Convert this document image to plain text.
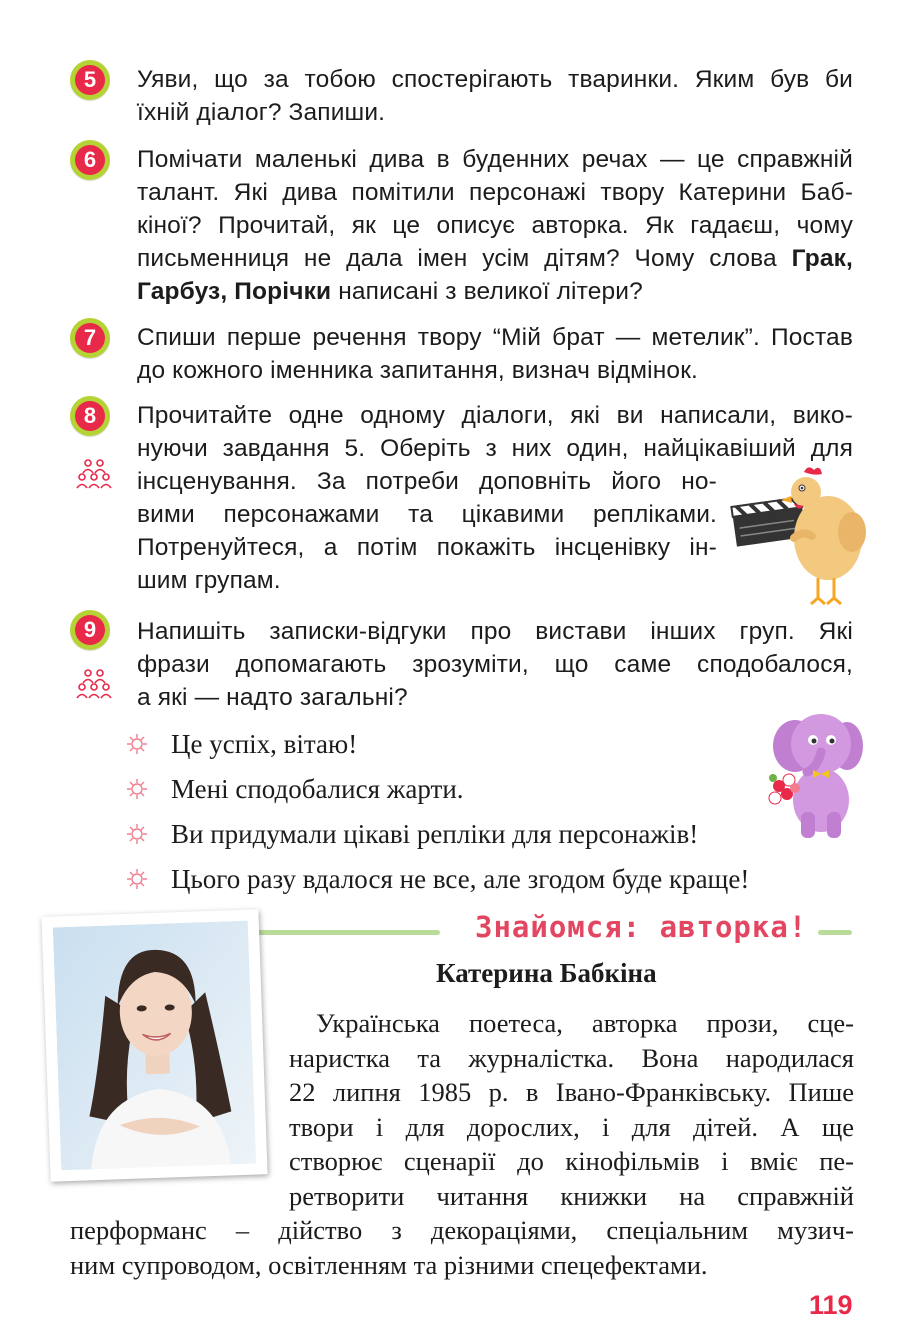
5	Уяви, що за тобою спостерігають тваринки. Яким був би
їхній діалог? Запиши.
6	Помічати маленькі дива в буденних речах — це справжній
талант. Які дива помітили персонажі твору Катерини Баб-
кіної? Прочитай, як це описує авторка. Як гадаєш, чому
письменниця не дала імен усім дітям? Чому слова Грак,
Гарбуз, Порічки написані з великої літери?
7	Спиши перше речення твору “Мій брат — метелик”. Постав
до кожного іменника запитання, визнач відмінок.
8	Прочитайте одне одному діалоги, які ви написали, вико-
нуючи завдання 5. Оберіть з них один, найцікавіший для
інсценування. За потреби доповніть його но-
вими персонажами та цікавими репліками.
Потренуйтеся, а потім покажіть інсценівку ін-
шим групам.
9	Напишіть записки-відгуки про вистави інших груп. Які
фрази допомагають зрозуміти, що саме сподобалося,
а які — надто загальні?
Це успіх, вітаю!
Мені сподобалися жарти.
Ви придумали цікаві репліки для персонажів!
Цього разу вдалося не все, але згодом буде краще!
Знайомся: авторка!
Катерина Бабкіна
Українська поетеса, авторка прози, сце-
наристка та журналістка. Вона народилася
22 липня 1985 р. в Івано-Франківську. Пише
твори і для дорослих, і для дітей. А ще
створює сценарії до кінофільмів і вміє пе-
ретворити читання книжки на справжній
перформанс – дійство з декораціями, спеціальним музич-
ним супроводом, освітленням та різними спецефектами.
119
